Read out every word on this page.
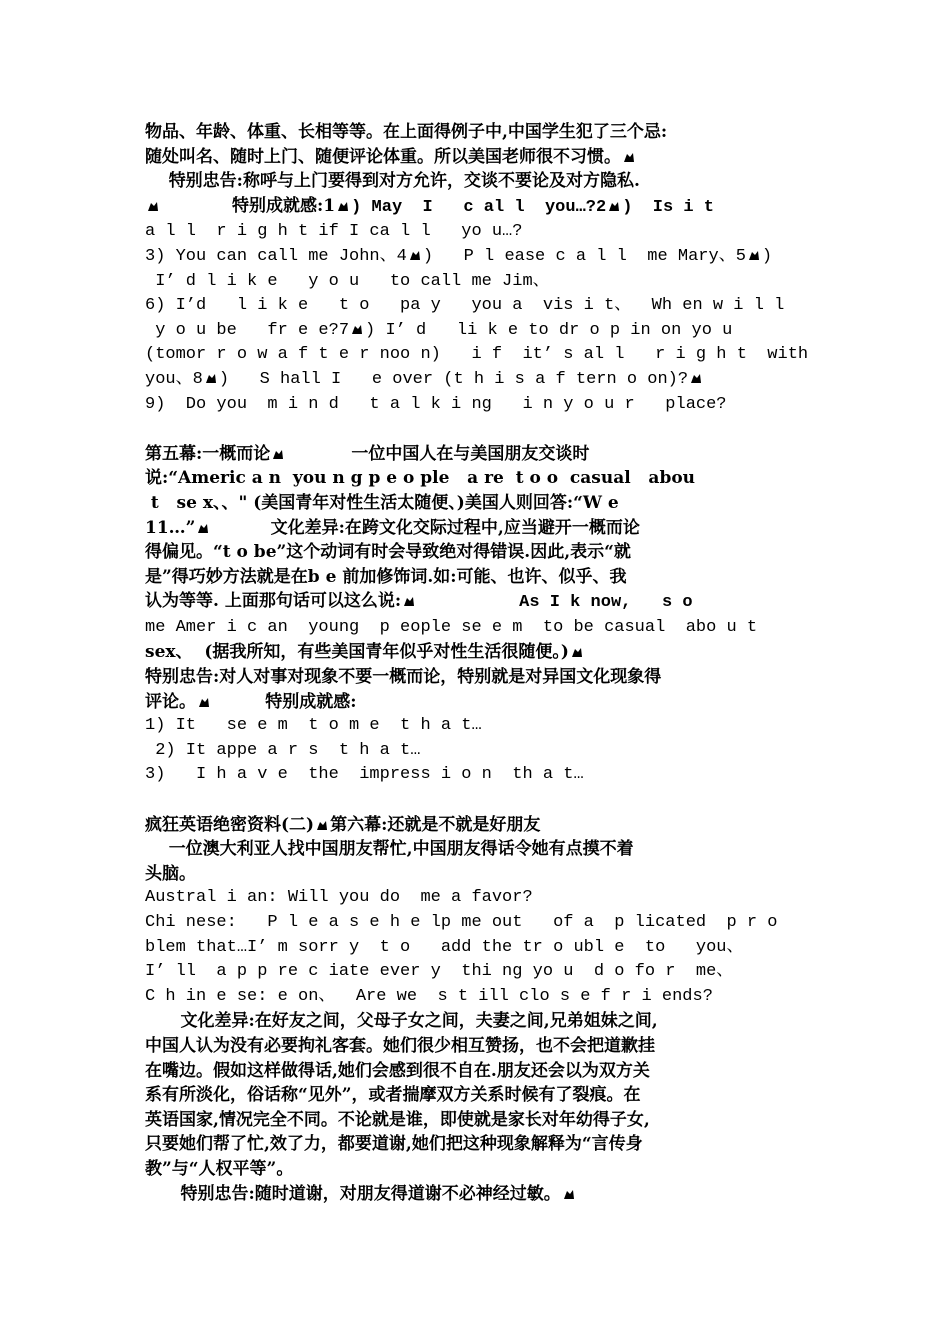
物品、年龄、体重、长相等等。在上面得例子中,中国学生犯了三个忌:

随处叫名、随时上门、随便评论体重。所以美国老师很不习惯。

特别忠告:称呼与上门要得到对方允许，交谈不要论及对方隐私.

特别成就感:1 ) May  I   c al l  you…?2 )  Is i t

a l l  r i g h t if I ca l l   yo u…?

3) You can call me John、4 )   P l ease c a l l  me Mary、5 )

I’ d l i k e   y o u   to call me Jim、

6) I’d   l i k e   t o   pa y   you a  vis i t、  Wh en w i l l

y o u be   fr e e?7 ) I’ d   li k e to dr o p in on yo u

(tomor r o w a f t e r noo n)   i f  it’ s al l   r i g h t  with

you、8 )   S hall I   e over (t h i s a f tern o on)?

9)  Do you  m i n d   t a l k i ng   i n y o u r   place?

第五幕:一概而论
一位中国人在与美国朋友交谈时

说:“Americ a n  you n g p e o ple   a re  t o o  casual   abou

t   se x、、" (美国青年对性生活太随便、)美国人则回答:“W e

11…”
文化差异:在跨文化交际过程中,应当避开一概而论

得偏见。“t o be”这个动词有时会导致绝对得错误.因此,表示“就

是”得巧妙方法就是在b e 前加修饰词.如:可能、也许、似乎、我

认为等等. 上面那句话可以这么说:
As I k now,   s o

me Amer i c an  young  p eople se e m  to be casual  abo u t

sex、  (据我所知，有些美国青年似乎对性生活很随便。)

特别忠告:对人对事对现象不要一概而论，特别就是对异国文化现象得

评论。
特别成就感:

1) It   se e m  t o m e  t h a t…

2) It appe a r s  t h a t…

3)   I h a v e  the  impress i o n  th a t…

疯狂英语绝密资料(二) 第六幕:还就是不就是好朋友

一位澳大利亚人找中国朋友帮忙,中国朋友得话令她有点摸不着

头脑。

Austral i an: Will you do  me a favor?

Chi nese:   P l e a s e h e lp me out   of a  p licated  p r o

blem that…I’ m sorr y  t o   add the tr o ubl e  to   you、

I’ ll  a p p re c iate ever y  thi ng yo u  d o fo r  me、

C h in e se: e on、  Are we  s t ill clo s e f r i ends?

文化差异:在好友之间，父母子女之间，夫妻之间,兄弟姐妹之间,

中国人认为没有必要拘礼客套。她们很少相互赞扬，也不会把道歉挂

在嘴边。假如这样做得话,她们会感到很不自在.朋友还会以为双方关

系有所淡化，俗话称“见外”，或者揣摩双方关系时候有了裂痕。在

英语国家,情况完全不同。不论就是谁，即使就是家长对年幼得子女,

只要她们帮了忙,效了力，都要道谢,她们把这种现象解释为“言传身

教”与“人权平等”。

特别忠告:随时道谢，对朋友得道谢不必神经过敏。
